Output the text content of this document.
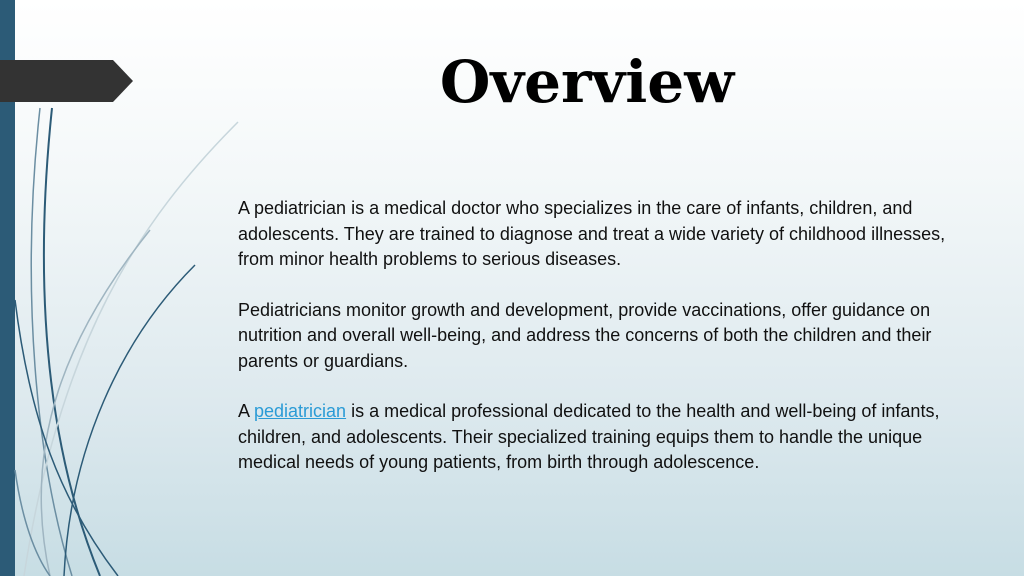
Overview

A pediatrician is a medical doctor who specializes in the care of infants, children, and adolescents. They are trained to diagnose and treat a wide variety of childhood illnesses, from minor health problems to serious diseases.

Pediatricians monitor growth and development, provide vaccinations, offer guidance on nutrition and overall well-being, and address the concerns of both the children and their parents or guardians.

A pediatrician is a medical professional dedicated to the health and well-being of infants, children, and adolescents. Their specialized training equips them to handle the unique medical needs of young patients, from birth through adolescence.
